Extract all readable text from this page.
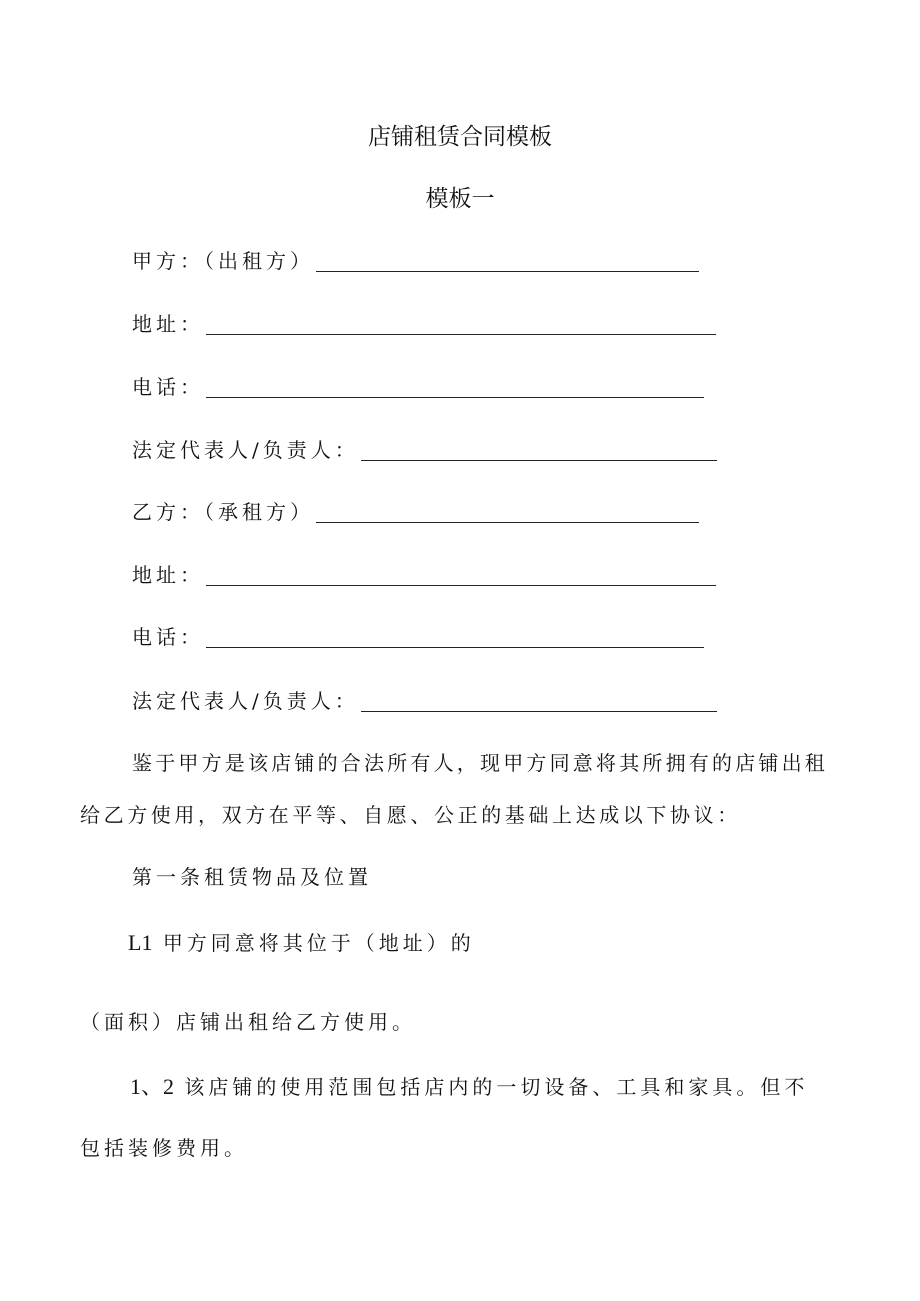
店铺租赁合同模板
模板一
甲方：（出租方）
地址：
电话：
法定代表人/负责人：
乙方：（承租方）
地址：
电话：
法定代表人/负责人：
鉴于甲方是该店铺的合法所有人，现甲方同意将其所拥有的店铺出租
给乙方使用，双方在平等、自愿、公正的基础上达成以下协议：
第一条租赁物品及位置
L1 甲方同意将其位于（地址）的
（面积）店铺出租给乙方使用。
1、2 该店铺的使用范围包括店内的一切设备、工具和家具。但不
包括装修费用。
